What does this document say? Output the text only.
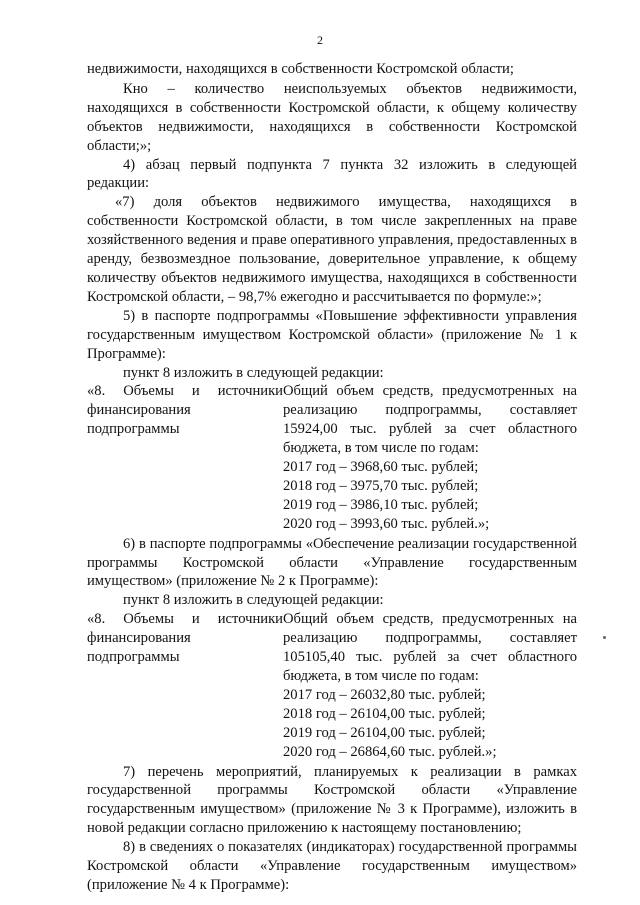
2

недвижимости, находящихся в собственности Костромской области;

Кно – количество неиспользуемых объектов недвижимости, находящихся в собственности Костромской области, к общему количеству объектов недвижимости, находящихся в собственности Костромской области;»;

4) абзац первый подпункта 7 пункта 32 изложить в следующей редакции:

«7) доля объектов недвижимого имущества, находящихся в собственности Костромской области, в том числе закрепленных на праве хозяйственного ведения и праве оперативного управления, предоставленных в аренду, безвозмездное пользование, доверительное управление, к общему количеству объектов недвижимого имущества, находящихся в собственности Костромской области, – 98,7% ежегодно и рассчитывается по формуле:»;

5) в паспорте подпрограммы «Повышение эффективности управления государственным имуществом Костромской области» (приложение № 1 к Программе):

пункт 8 изложить в следующей редакции:

«8. Объемы и источники финансирования подпрограммы

Общий объем средств, предусмотренных на реализацию подпрограммы, составляет 15924,00 тыс. рублей за счет областного бюджета, в том числе по годам:

2017 год – 3968,60 тыс. рублей;

2018 год – 3975,70 тыс. рублей;

2019 год – 3986,10 тыс. рублей;

2020 год – 3993,60 тыс. рублей.»;

6) в паспорте подпрограммы «Обеспечение реализации государственной программы Костромской области «Управление государственным имуществом» (приложение № 2 к Программе):

пункт 8 изложить в следующей редакции:

«8. Объемы и источники финансирования подпрограммы

Общий объем средств, предусмотренных на реализацию подпрограммы, составляет 105105,40 тыс. рублей за счет областного бюджета, в том числе по годам:

2017 год – 26032,80 тыс. рублей;

2018 год – 26104,00 тыс. рублей;

2019 год – 26104,00 тыс. рублей;

2020 год – 26864,60 тыс. рублей.»;

7) перечень мероприятий, планируемых к реализации в рамках государственной программы Костромской области «Управление государственным имуществом» (приложение № 3 к Программе), изложить в новой редакции согласно приложению к настоящему постановлению;

8) в сведениях о показателях (индикаторах) государственной программы Костромской области «Управление государственным имуществом» (приложение № 4 к Программе):
